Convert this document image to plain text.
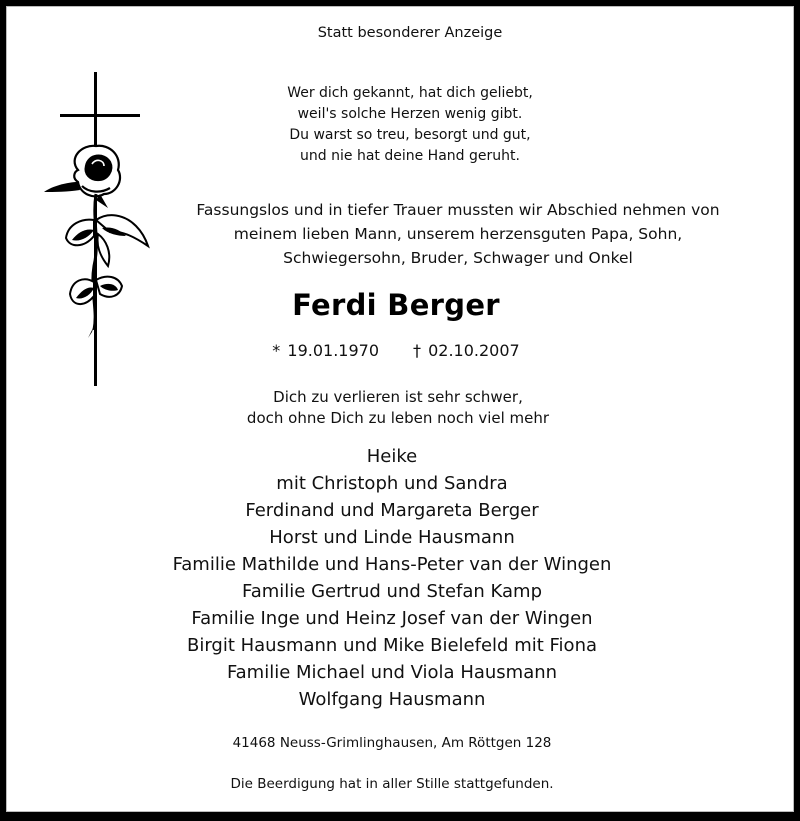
Statt besonderer Anzeige
Wer dich gekannt, hat dich geliebt,
weil's solche Herzen wenig gibt.
Du warst so treu, besorgt und gut,
und nie hat deine Hand geruht.
Fassungslos und in tiefer Trauer mussten wir Abschied nehmen von
meinem lieben Mann, unserem herzensguten Papa, Sohn,
Schwiegersohn, Bruder, Schwager und Onkel
Ferdi Berger
* 19.01.1970 † 02.10.2007
Dich zu verlieren ist sehr schwer,
doch ohne Dich zu leben noch viel mehr
Heike
mit Christoph und Sandra
Ferdinand und Margareta Berger
Horst und Linde Hausmann
Familie Mathilde und Hans-Peter van der Wingen
Familie Gertrud und Stefan Kamp
Familie Inge und Heinz Josef van der Wingen
Birgit Hausmann und Mike Bielefeld mit Fiona
Familie Michael und Viola Hausmann
Wolfgang Hausmann
41468 Neuss-Grimlinghausen, Am Röttgen 128
Die Beerdigung hat in aller Stille stattgefunden.
